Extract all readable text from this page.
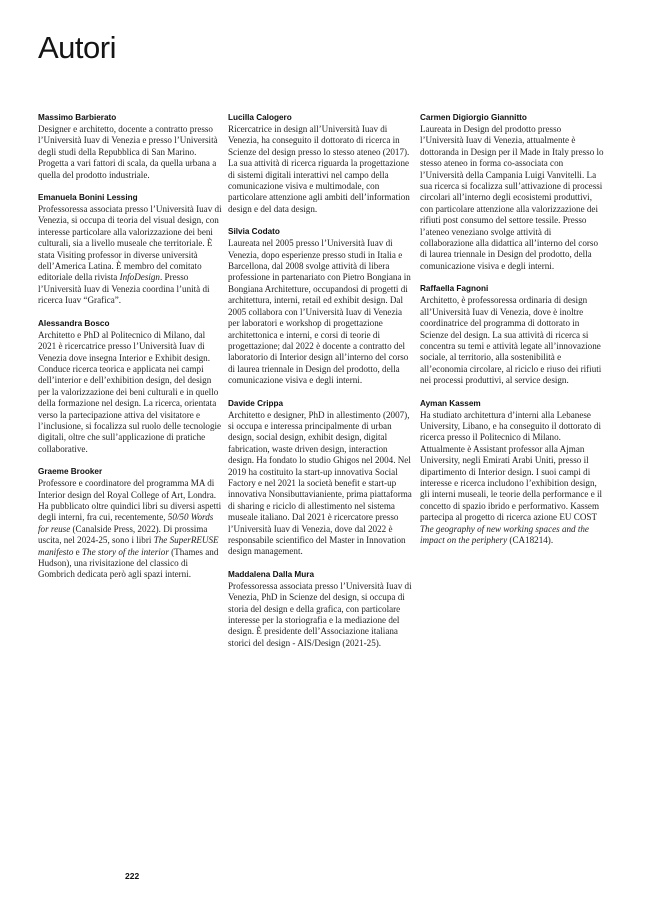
Autori

Massimo Barbierato

Designer e architetto, docente a contratto presso l’Università Iuav di Venezia e presso l’Università degli studi della Repubblica di San Marino. Progetta a vari fattori di scala, da quella urbana a quella del prodotto industriale.

Emanuela Bonini Lessing

Professoressa associata presso l’Università Iuav di Venezia, si occupa di teoria del visual design, con interesse particolare alla valorizzazione dei beni culturali, sia a livello museale che territoriale. È stata Visiting professor in diverse università dell’America Latina. È membro del comitato editoriale della rivista InfoDesign. Presso l’Università Iuav di Venezia coordina l’unità di ricerca Iuav “Grafica”.

Alessandra Bosco

Architetto e PhD al Politecnico di Milano, dal 2021 è ricercatrice presso l’Università Iuav di Venezia dove insegna Interior e Exhibit design. Conduce ricerca teorica e applicata nei campi dell’interior e dell’exhibition design, del design per la valorizzazione dei beni culturali e in quello della formazione nel design. La ricerca, orientata verso la partecipazione attiva del visitatore e l’inclusione, si focalizza sul ruolo delle tecnologie digitali, oltre che sull’applicazione di pratiche collaborative.

Graeme Brooker

Professore e coordinatore del programma MA di Interior design del Royal College of Art, Londra. Ha pubblicato oltre quindici libri su diversi aspetti degli interni, fra cui, recentemente, 50/50 Words for reuse (Canalside Press, 2022). Di prossima uscita, nel 2024-25, sono i libri The SuperREUSE manifesto e The story of the interior (Thames and Hudson), una rivisitazione del classico di Gombrich dedicata però agli spazi interni.

Lucilla Calogero

Ricercatrice in design all’Università Iuav di Venezia, ha conseguito il dottorato di ricerca in Scienze del design presso lo stesso ateneo (2017). La sua attività di ricerca riguarda la progettazione di sistemi digitali interattivi nel campo della comunicazione visiva e multimodale, con particolare attenzione agli ambiti dell’information design e del data design.

Silvia Codato

Laureata nel 2005 presso l’Università Iuav di Venezia, dopo esperienze presso studi in Italia e Barcellona, dal 2008 svolge attività di libera professione in partenariato con Pietro Bongiana in Bongiana Architetture, occupandosi di progetti di architettura, interni, retail ed exhibit design. Dal 2005 collabora con l’Università Iuav di Venezia per laboratori e workshop di progettazione architettonica e interni, e corsi di teorie di progettazione; dal 2022 è docente a contratto del laboratorio di Interior design all’interno del corso di laurea triennale in Design del prodotto, della comunicazione visiva e degli interni.

Davide Crippa

Architetto e designer, PhD in allestimento (2007), si occupa e interessa principalmente di urban design, social design, exhibit design, digital fabrication, waste driven design, interaction design. Ha fondato lo studio Ghigos nel 2004. Nel 2019 ha costituito la start-up innovativa Social Factory e nel 2021 la società benefit e start-up innovativa Nonsibuttavianiente, prima piattaforma di sharing e riciclo di allestimento nel sistema museale italiano. Dal 2021 è ricercatore presso l’Università Iuav di Venezia, dove dal 2022 è responsabile scientifico del Master in Innovation design management.

Maddalena Dalla Mura

Professoressa associata presso l’Università Iuav di Venezia, PhD in Scienze del design, si occupa di storia del design e della grafica, con particolare interesse per la storiografia e la mediazione del design. È presidente dell’Associazione italiana storici del design - AIS/Design (2021-25).

Carmen Digiorgio Giannitto

Laureata in Design del prodotto presso l’Università Iuav di Venezia, attualmente è dottoranda in Design per il Made in Italy presso lo stesso ateneo in forma co-associata con l’Università della Campania Luigi Vanvitelli. La sua ricerca si focalizza sull’attivazione di processi circolari all’interno degli ecosistemi produttivi, con particolare attenzione alla valorizzazione dei rifiuti post consumo del settore tessile. Presso l’ateneo veneziano svolge attività di collaborazione alla didattica all’interno del corso di laurea triennale in Design del prodotto, della comunicazione visiva e degli interni.

Raffaella Fagnoni

Architetto, è professoressa ordinaria di design all’Università Iuav di Venezia, dove è inoltre coordinatrice del programma di dottorato in Scienze del design. La sua attività di ricerca si concentra su temi e attività legate all’innovazione sociale, al territorio, alla sostenibilità e all’economia circolare, al riciclo e riuso dei rifiuti nei processi produttivi, al service design.

Ayman Kassem

Ha studiato architettura d’interni alla Lebanese University, Libano, e ha conseguito il dottorato di ricerca presso il Politecnico di Milano. Attualmente è Assistant professor alla Ajman University, negli Emirati Arabi Uniti, presso il dipartimento di Interior design. I suoi campi di interesse e ricerca includono l’exhibition design, gli interni museali, le teorie della performance e il concetto di spazio ibrido e performativo. Kassem partecipa al progetto di ricerca azione EU COST The geography of new working spaces and the impact on the periphery (CA18214).

222
